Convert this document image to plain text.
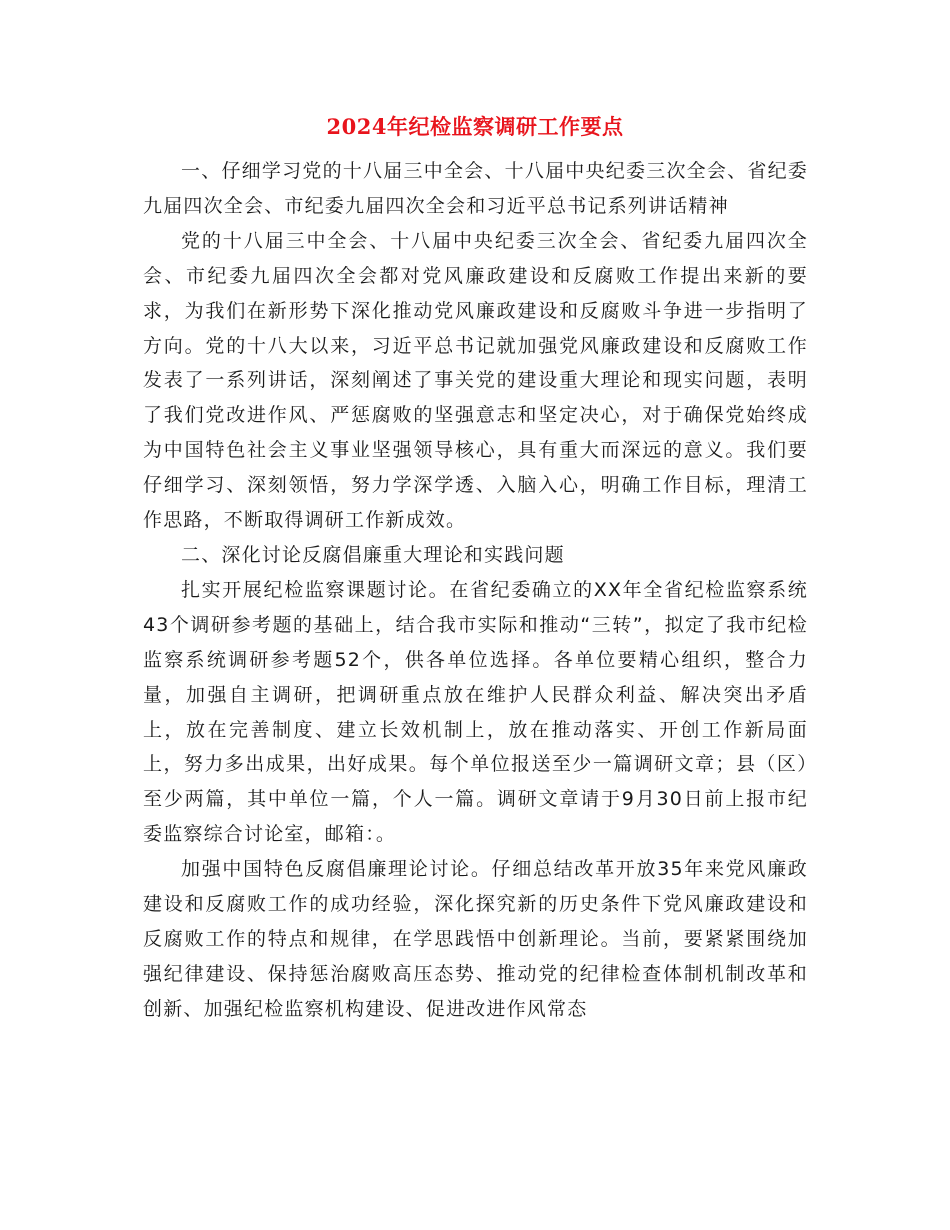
2024年纪检监察调研工作要点

一、仔细学习党的十八届三中全会、十八届中央纪委三次全会、省纪委九届四次全会、市纪委九届四次全会和习近平总书记系列讲话精神

党的十八届三中全会、十八届中央纪委三次全会、省纪委九届四次全会、市纪委九届四次全会都对党风廉政建设和反腐败工作提出来新的要求，为我们在新形势下深化推动党风廉政建设和反腐败斗争进一步指明了方向。党的十八大以来，习近平总书记就加强党风廉政建设和反腐败工作发表了一系列讲话，深刻阐述了事关党的建设重大理论和现实问题，表明了我们党改进作风、严惩腐败的坚强意志和坚定决心，对于确保党始终成为中国特色社会主义事业坚强领导核心，具有重大而深远的意义。我们要仔细学习、深刻领悟，努力学深学透、入脑入心，明确工作目标，理清工作思路，不断取得调研工作新成效。

二、深化讨论反腐倡廉重大理论和实践问题

扎实开展纪检监察课题讨论。在省纪委确立的XX年全省纪检监察系统43个调研参考题的基础上，结合我市实际和推动“三转”，拟定了我市纪检监察系统调研参考题52个，供各单位选择。各单位要精心组织，整合力量，加强自主调研，把调研重点放在维护人民群众利益、解决突出矛盾上，放在完善制度、建立长效机制上，放在推动落实、开创工作新局面上，努力多出成果，出好成果。每个单位报送至少一篇调研文章；县（区）至少两篇，其中单位一篇，个人一篇。调研文章请于9月30日前上报市纪委监察综合讨论室，邮箱：。

加强中国特色反腐倡廉理论讨论。仔细总结改革开放35年来党风廉政建设和反腐败工作的成功经验，深化探究新的历史条件下党风廉政建设和反腐败工作的特点和规律，在学思践悟中创新理论。当前，要紧紧围绕加强纪律建设、保持惩治腐败高压态势、推动党的纪律检查体制机制改革和创新、加强纪检监察机构建设、促进改进作风常态
